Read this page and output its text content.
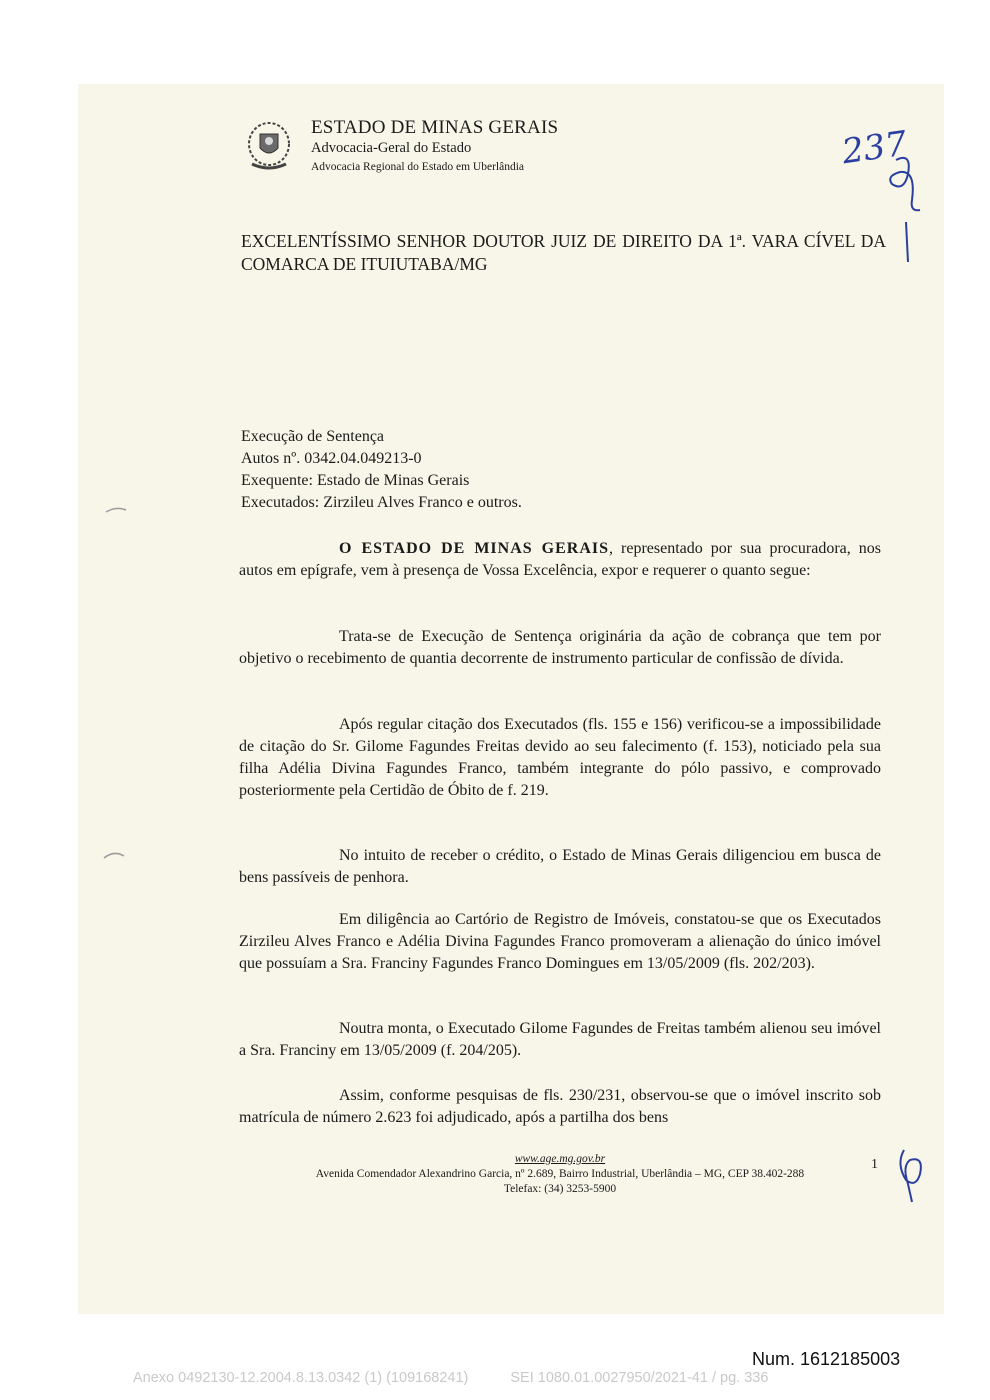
ESTADO DE MINAS GERAIS
Advocacia-Geral do Estado
Advocacia Regional do Estado em Uberlândia	237
EXCELENTÍSSIMO SENHOR DOUTOR JUIZ DE DIREITO DA 1ª. VARA CÍVEL DA COMARCA DE ITUIUTABA/MG
Execução de Sentença
Autos nº. 0342.04.049213-0
Exequente: Estado de Minas Gerais
Executados: Zirzileu Alves Franco e outros.
O ESTADO DE MINAS GERAIS, representado por sua procuradora, nos autos em epígrafe, vem à presença de Vossa Excelência, expor e requerer o quanto segue:
Trata-se de Execução de Sentença originária da ação de cobrança que tem por objetivo o recebimento de quantia decorrente de instrumento particular de confissão de dívida.
Após regular citação dos Executados (fls. 155 e 156) verificou-se a impossibilidade de citação do Sr. Gilome Fagundes Freitas devido ao seu falecimento (f. 153), noticiado pela sua filha Adélia Divina Fagundes Franco, também integrante do pólo passivo, e comprovado posteriormente pela Certidão de Óbito de f. 219.
No intuito de receber o crédito, o Estado de Minas Gerais diligenciou em busca de bens passíveis de penhora.
Em diligência ao Cartório de Registro de Imóveis, constatou-se que os Executados Zirzileu Alves Franco e Adélia Divina Fagundes Franco promoveram a alienação do único imóvel que possuíam a Sra. Franciny Fagundes Franco Domingues em 13/05/2009 (fls. 202/203).
Noutra monta, o Executado Gilome Fagundes de Freitas também alienou seu imóvel a Sra. Franciny em 13/05/2009 (f. 204/205).
Assim, conforme pesquisas de fls. 230/231, observou-se que o imóvel inscrito sob matrícula de número 2.623 foi adjudicado, após a partilha dos bens
www.age.mg.gov.br
Avenida Comendador Alexandrino Garcia, nº 2.689, Bairro Industrial, Uberlândia – MG, CEP 38.402-288
Telefax: (34) 3253-5900
1
Num. 1612185003
Anexo 0492130-12.2004.8.13.0342 (1) (109168241)	SEI 1080.01.0027950/2021-41 / pg. 336
